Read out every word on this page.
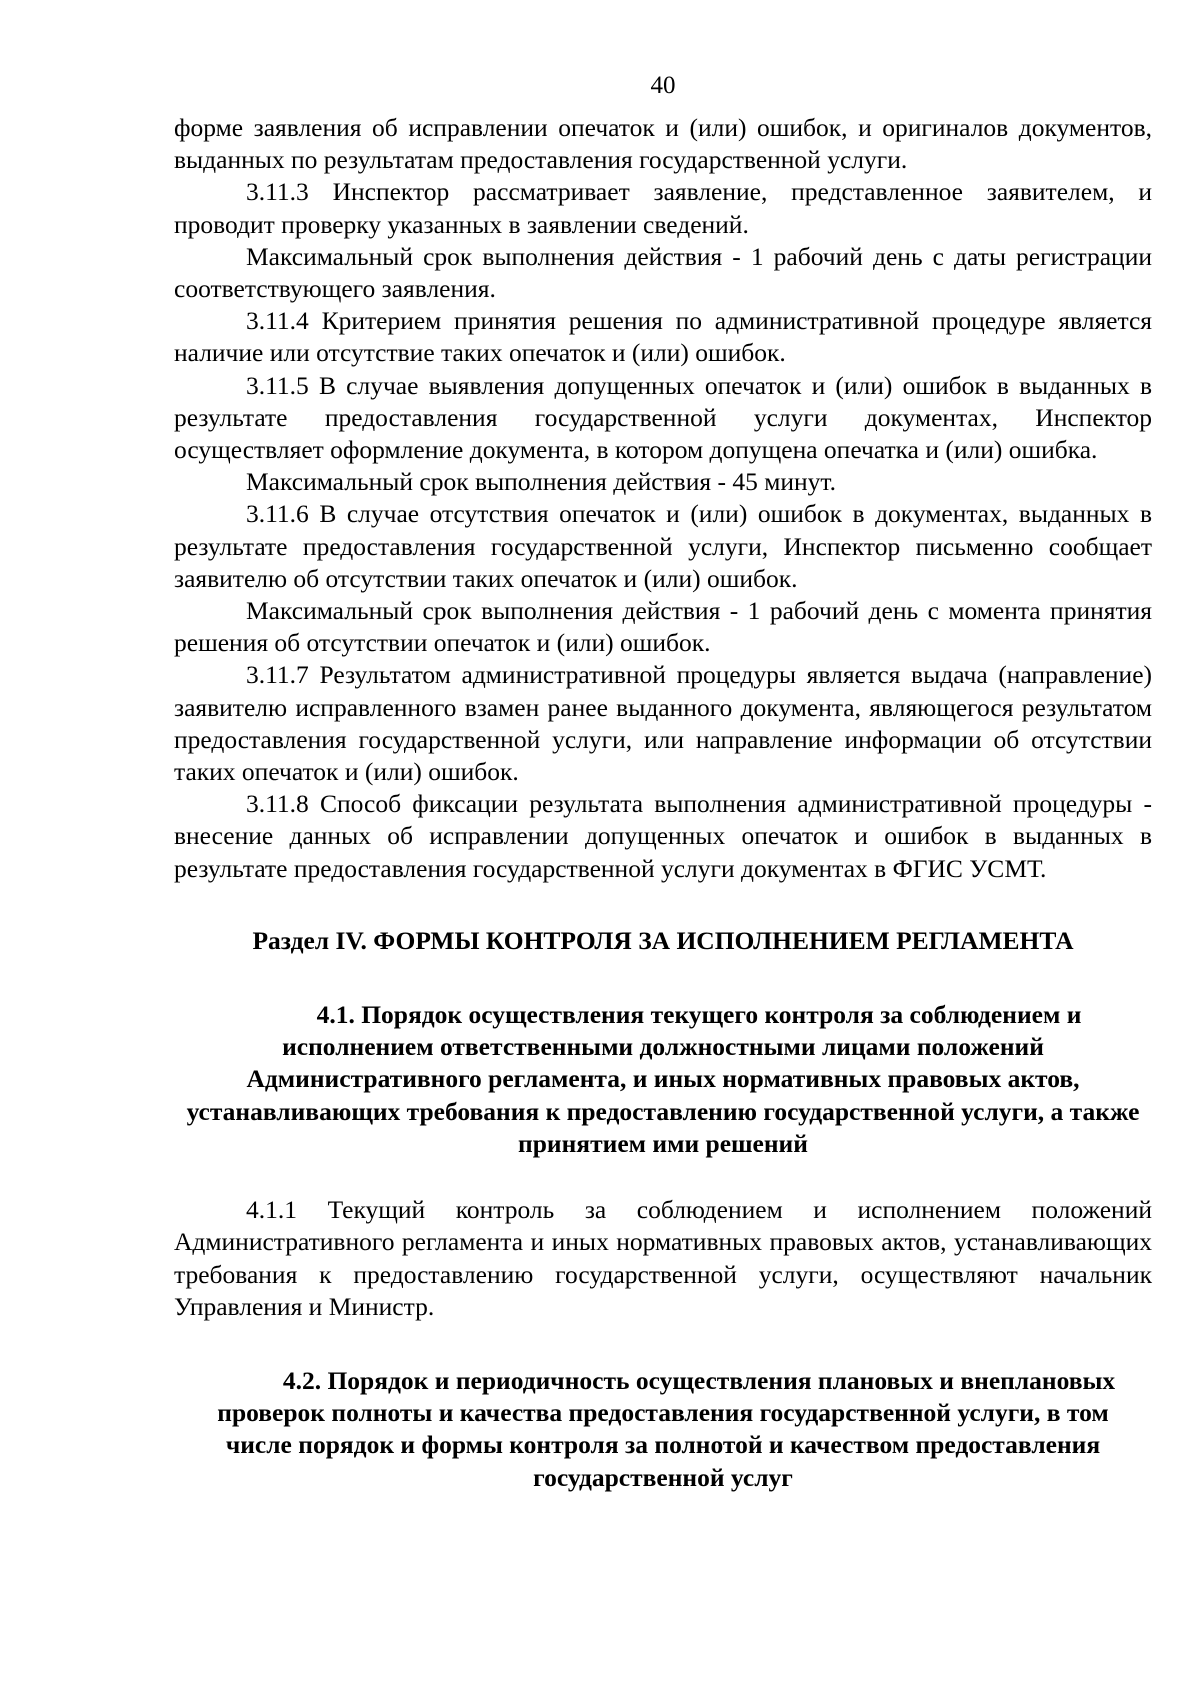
40

форме заявления об исправлении опечаток и (или) ошибок, и оригиналов документов, выданных по результатам предоставления государственной услуги.

3.11.3 Инспектор рассматривает заявление, представленное заявителем, и проводит проверку указанных в заявлении сведений.

Максимальный срок выполнения действия - 1 рабочий день с даты регистрации соответствующего заявления.

3.11.4 Критерием принятия решения по административной процедуре является наличие или отсутствие таких опечаток и (или) ошибок.

3.11.5 В случае выявления допущенных опечаток и (или) ошибок в выданных в результате предоставления государственной услуги документах, Инспектор осуществляет оформление документа, в котором допущена опечатка и (или) ошибка.

Максимальный срок выполнения действия - 45 минут.

3.11.6 В случае отсутствия опечаток и (или) ошибок в документах, выданных в результате предоставления государственной услуги, Инспектор письменно сообщает заявителю об отсутствии таких опечаток и (или) ошибок.

Максимальный срок выполнения действия - 1 рабочий день с момента принятия решения об отсутствии опечаток и (или) ошибок.

3.11.7 Результатом административной процедуры является выдача (направление) заявителю исправленного взамен ранее выданного документа, являющегося результатом предоставления государственной услуги, или направление информации об отсутствии таких опечаток и (или) ошибок.

3.11.8 Способ фиксации результата выполнения административной процедуры - внесение данных об исправлении допущенных опечаток и ошибок в выданных в результате предоставления государственной услуги документах в ФГИС УСМТ.

Раздел IV. ФОРМЫ КОНТРОЛЯ ЗА ИСПОЛНЕНИЕМ РЕГЛАМЕНТА
4.1. Порядок осуществления текущего контроля за соблюдением и исполнением ответственными должностными лицами положений Административного регламента, и иных нормативных правовых актов, устанавливающих требования к предоставлению государственной услуги, а также принятием ими решений

4.1.1 Текущий контроль за соблюдением и исполнением положений Административного регламента и иных нормативных правовых актов, устанавливающих требования к предоставлению государственной услуги, осуществляют начальник Управления и Министр.

4.2. Порядок и периодичность осуществления плановых и внеплановых проверок полноты и качества предоставления государственной услуги, в том числе порядок и формы контроля за полнотой и качеством предоставления государственной услуг
